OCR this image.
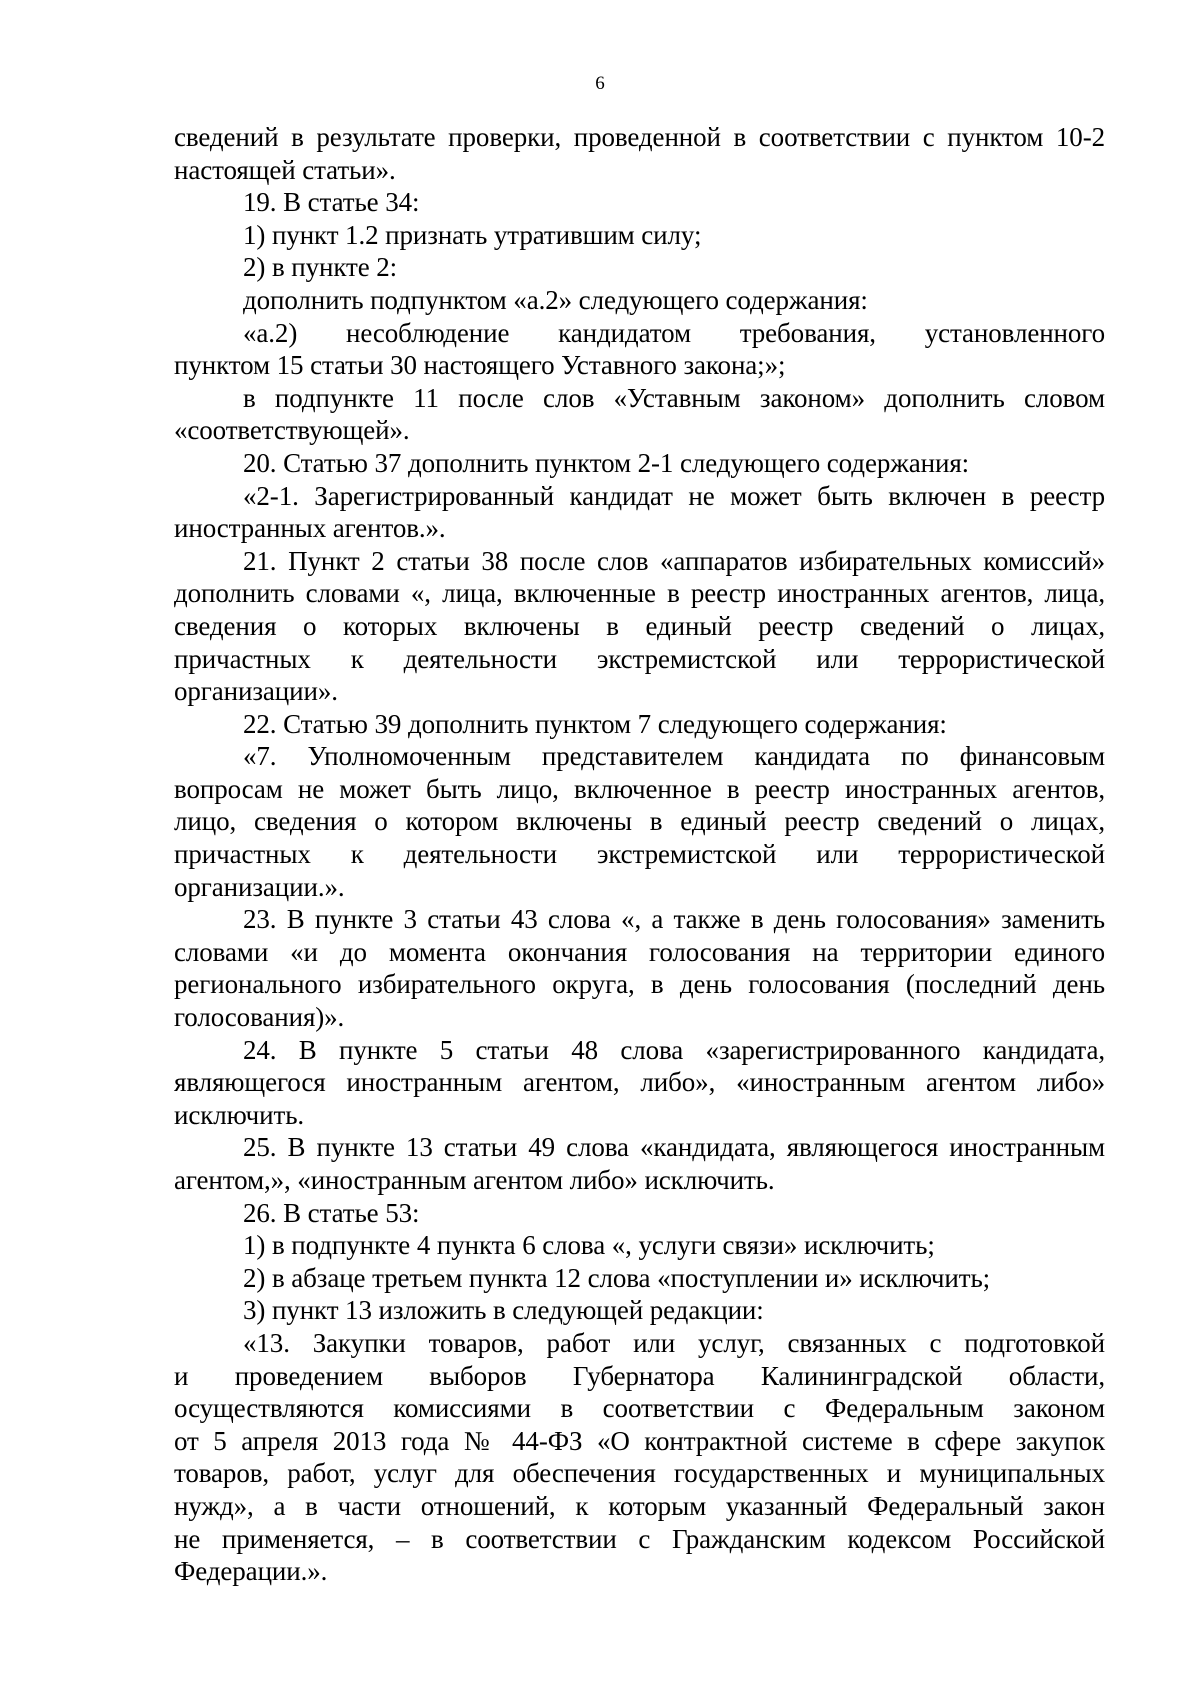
6
сведений в результате проверки, проведенной в соответствии с пунктом 10-2
настоящей статьи».
19. В статье 34:
1) пункт 1.2 признать утратившим силу;
2) в пункте 2:
дополнить подпунктом «а.2» следующего содержания:
«а.2) несоблюдение кандидатом требования, установленного
пунктом 15 статьи 30 настоящего Уставного закона;»;
в подпункте 11 после слов «Уставным законом» дополнить словом
«соответствующей».
20. Статью 37 дополнить пунктом 2-1 следующего содержания:
«2-1. Зарегистрированный кандидат не может быть включен в реестр
иностранных агентов.».
21. Пункт 2 статьи 38 после слов «аппаратов избирательных комиссий»
дополнить словами «, лица, включенные в реестр иностранных агентов, лица,
сведения о которых включены в единый реестр сведений о лицах,
причастных к деятельности экстремистской или террористической
организации».
22. Статью 39 дополнить пунктом 7 следующего содержания:
«7. Уполномоченным представителем кандидата по финансовым
вопросам не может быть лицо, включенное в реестр иностранных агентов,
лицо, сведения о котором включены в единый реестр сведений о лицах,
причастных к деятельности экстремистской или террористической
организации.».
23. В пункте 3 статьи 43 слова «, а также в день голосования» заменить
словами «и до момента окончания голосования на территории единого
регионального избирательного округа, в день голосования (последний день
голосования)».
24. В пункте 5 статьи 48 слова «зарегистрированного кандидата,
являющегося иностранным агентом, либо», «иностранным агентом либо»
исключить.
25. В пункте 13 статьи 49 слова «кандидата, являющегося иностранным
агентом,», «иностранным агентом либо» исключить.
26. В статье 53:
1) в подпункте 4 пункта 6 слова «, услуги связи» исключить;
2) в абзаце третьем пункта 12 слова «поступлении и» исключить;
3) пункт 13 изложить в следующей редакции:
«13. Закупки товаров, работ или услуг, связанных с подготовкой
и проведением выборов Губернатора Калининградской области,
осуществляются комиссиями в соответствии с Федеральным законом
от 5 апреля 2013 года № 44-ФЗ «О контрактной системе в сфере закупок
товаров, работ, услуг для обеспечения государственных и муниципальных
нужд», а в части отношений, к которым указанный Федеральный закон
не применяется, – в соответствии с Гражданским кодексом Российской
Федерации.».
